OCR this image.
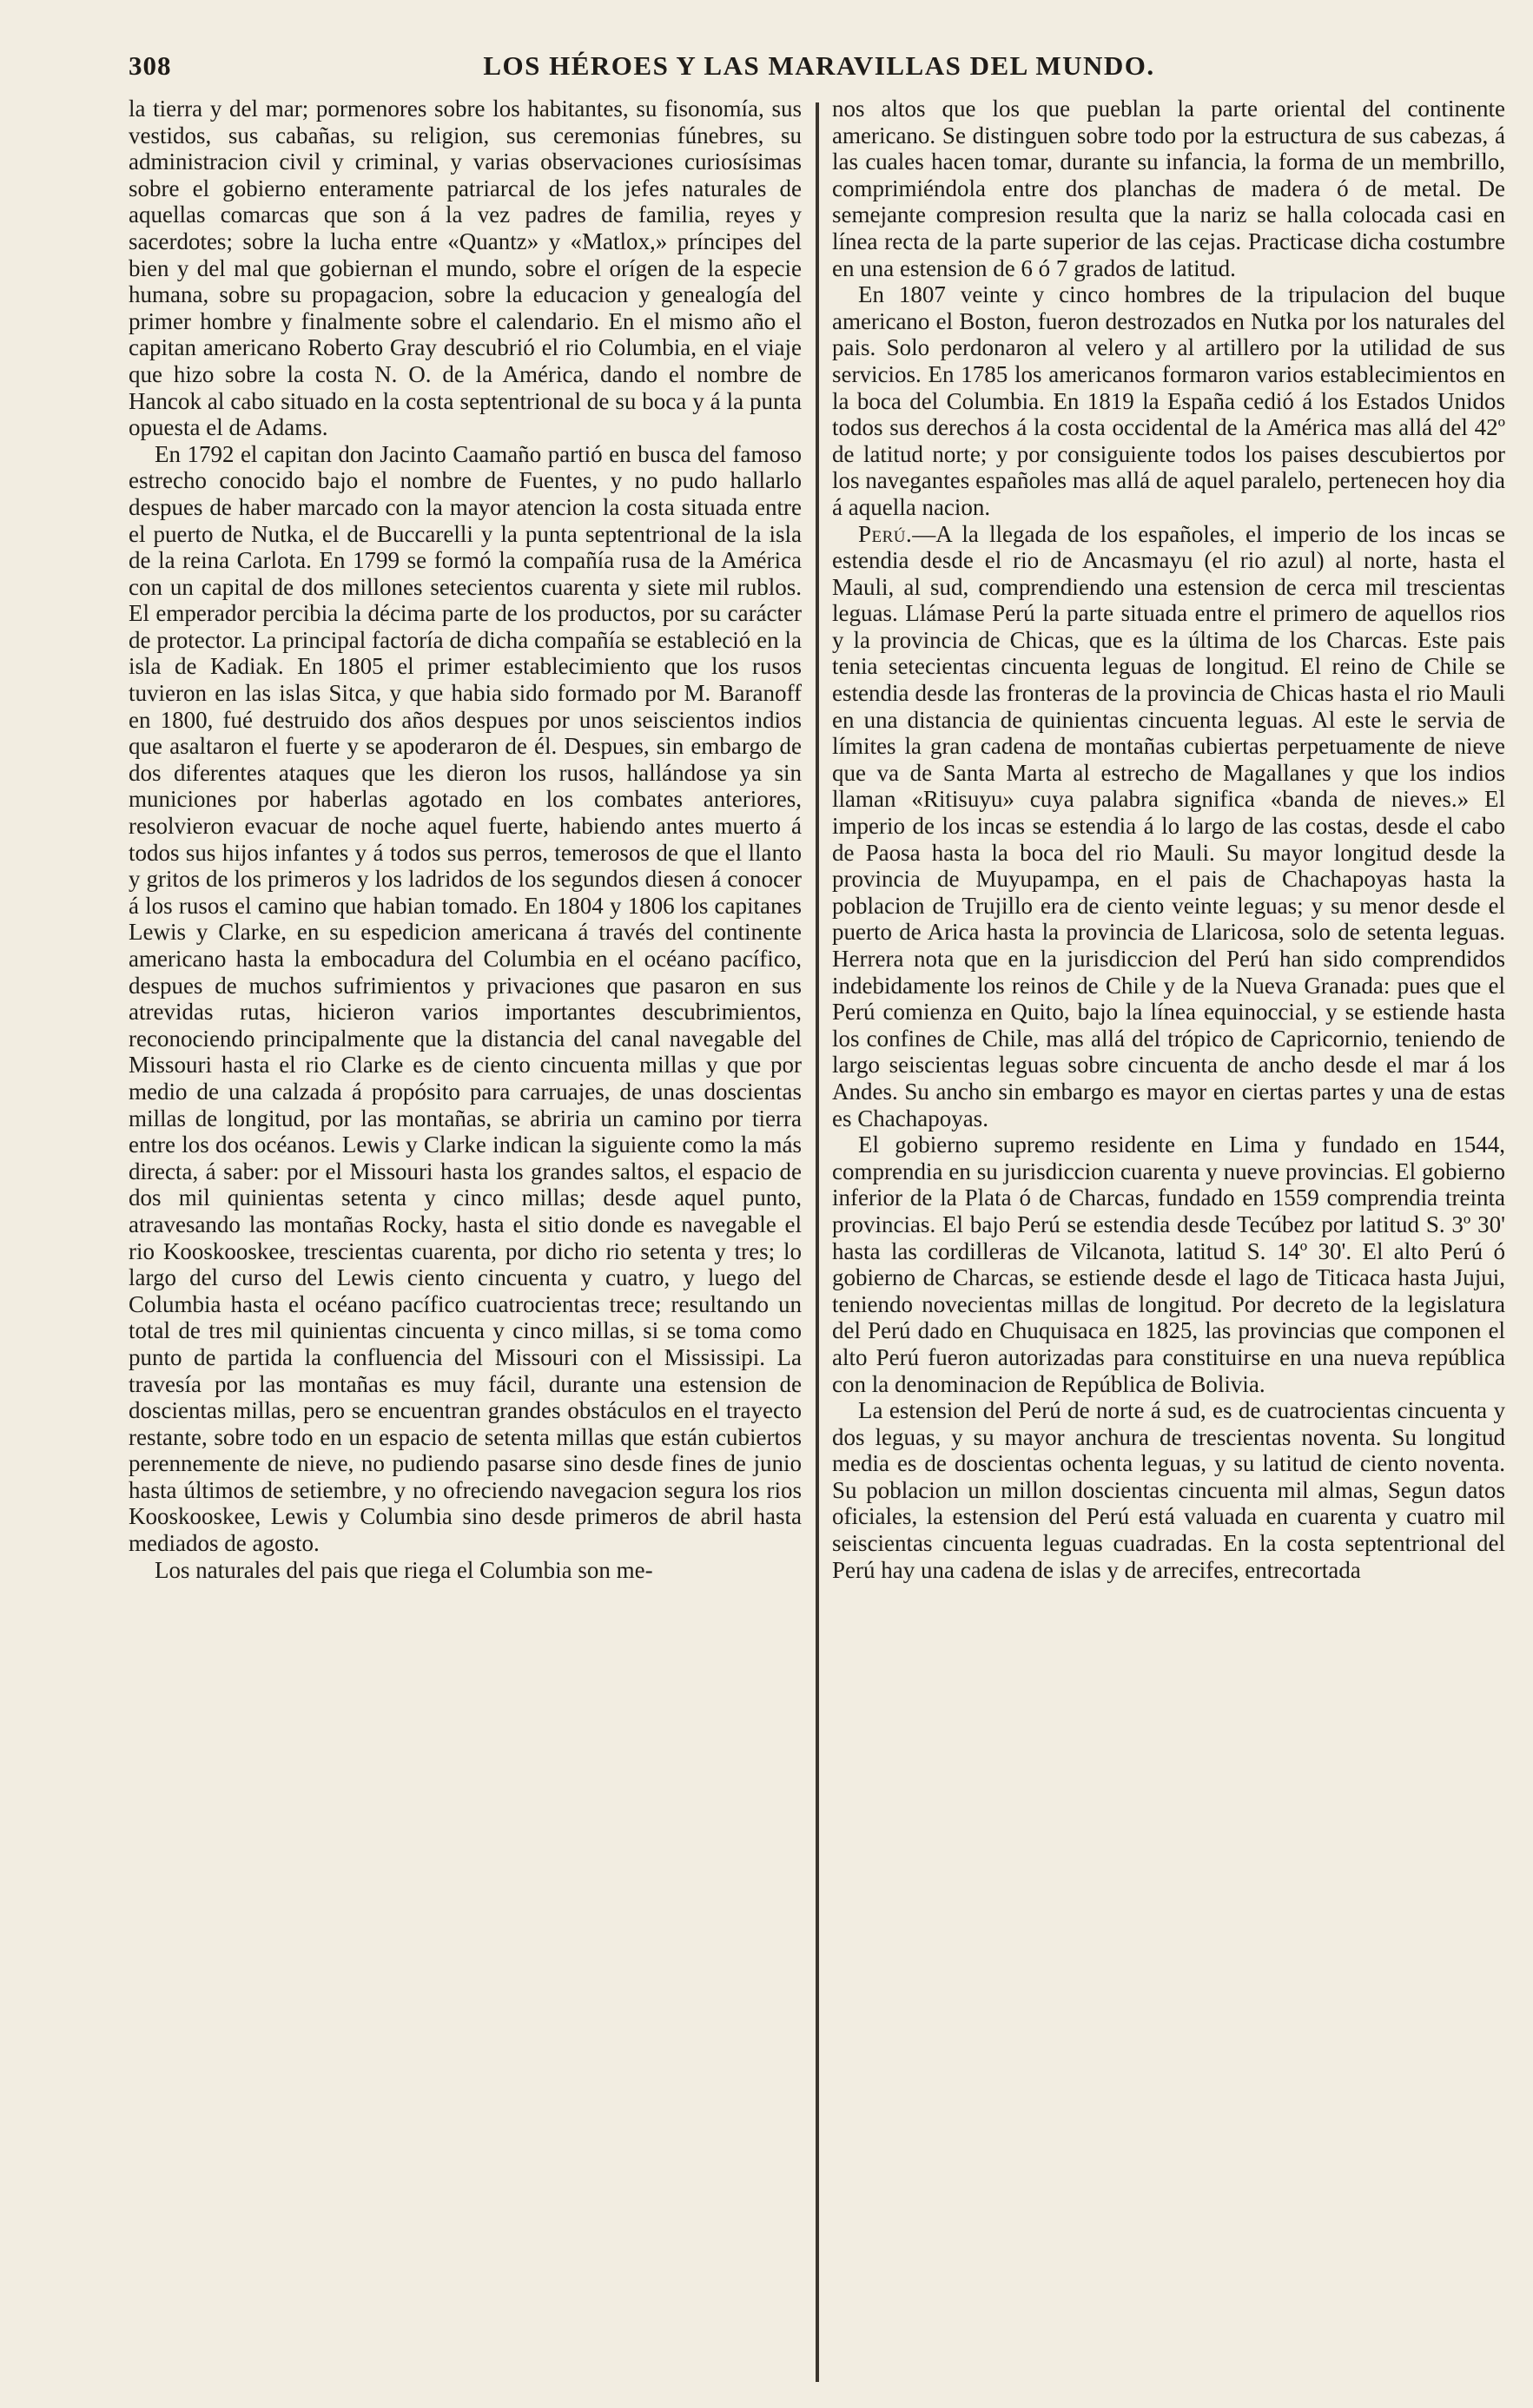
308	LOS HÉROES Y LAS MARAVILLAS DEL MUNDO.

la tierra y del mar; pormenores sobre los habitantes, su fisonomía, sus vestidos, sus cabañas, su religion, sus ceremonias fúnebres, su administracion civil y criminal, y varias observaciones curiosísimas sobre el gobierno enteramente patriarcal de los jefes naturales de aquellas comarcas que son á la vez padres de familia, reyes y sacerdotes; sobre la lucha entre «Quantz» y «Matlox,» príncipes del bien y del mal que gobiernan el mundo, sobre el orígen de la especie humana, sobre su propagacion, sobre la educacion y genealogía del primer hombre y finalmente sobre el calendario. En el mismo año el capitan americano Roberto Gray descubrió el rio Columbia, en el viaje que hizo sobre la costa N. O. de la América, dando el nombre de Hancok al cabo situado en la costa septentrional de su boca y á la punta opuesta el de Adams.

En 1792 el capitan don Jacinto Caamaño partió en busca del famoso estrecho conocido bajo el nombre de Fuentes, y no pudo hallarlo despues de haber marcado con la mayor atencion la costa situada entre el puerto de Nutka, el de Buccarelli y la punta septentrional de la isla de la reina Carlota. En 1799 se formó la compañía rusa de la América con un capital de dos millones setecientos cuarenta y siete mil rublos. El emperador percibia la décima parte de los productos, por su carácter de protector. La principal factoría de dicha compañía se estableció en la isla de Kadiak. En 1805 el primer establecimiento que los rusos tuvieron en las islas Sitca, y que habia sido formado por M. Baranoff en 1800, fué destruido dos años despues por unos seiscientos indios que asaltaron el fuerte y se apoderaron de él. Despues, sin embargo de dos diferentes ataques que les dieron los rusos, hallándose ya sin municiones por haberlas agotado en los combates anteriores, resolvieron evacuar de noche aquel fuerte, habiendo antes muerto á todos sus hijos infantes y á todos sus perros, temerosos de que el llanto y gritos de los primeros y los ladridos de los segundos diesen á conocer á los rusos el camino que habian tomado. En 1804 y 1806 los capitanes Lewis y Clarke, en su espedicion americana á través del continente americano hasta la embocadura del Columbia en el océano pacífico, despues de muchos sufrimientos y privaciones que pasaron en sus atrevidas rutas, hicieron varios importantes descubrimientos, reconociendo principalmente que la distancia del canal navegable del Missouri hasta el rio Clarke es de ciento cincuenta millas y que por medio de una calzada á propósito para carruajes, de unas doscientas millas de longitud, por las montañas, se abriria un camino por tierra entre los dos océanos. Lewis y Clarke indican la siguiente como la más directa, á saber: por el Missouri hasta los grandes saltos, el espacio de dos mil quinientas setenta y cinco millas; desde aquel punto, atravesando las montañas Rocky, hasta el sitio donde es navegable el rio Kooskooskee, trescientas cuarenta, por dicho rio setenta y tres; lo largo del curso del Lewis ciento cincuenta y cuatro, y luego del Columbia hasta el océano pacífico cuatrocientas trece; resultando un total de tres mil quinientas cincuenta y cinco millas, si se toma como punto de partida la confluencia del Missouri con el Mississipi. La travesía por las montañas es muy fácil, durante una estension de doscientas millas, pero se encuentran grandes obstáculos en el trayecto restante, sobre todo en un espacio de setenta millas que están cubiertos perennemente de nieve, no pudiendo pasarse sino desde fines de junio hasta últimos de setiembre, y no ofreciendo navegacion segura los rios Kooskooskee, Lewis y Columbia sino desde primeros de abril hasta mediados de agosto.

Los naturales del pais que riega el Columbia son me-

nos altos que los que pueblan la parte oriental del continente americano. Se distinguen sobre todo por la estructura de sus cabezas, á las cuales hacen tomar, durante su infancia, la forma de un membrillo, comprimiéndola entre dos planchas de madera ó de metal. De semejante compresion resulta que la nariz se halla colocada casi en línea recta de la parte superior de las cejas. Practicase dicha costumbre en una estension de 6 ó 7 grados de latitud.

En 1807 veinte y cinco hombres de la tripulacion del buque americano el Boston, fueron destrozados en Nutka por los naturales del pais. Solo perdonaron al velero y al artillero por la utilidad de sus servicios. En 1785 los americanos formaron varios establecimientos en la boca del Columbia. En 1819 la España cedió á los Estados Unidos todos sus derechos á la costa occidental de la América mas allá del 42º de latitud norte; y por consiguiente todos los paises descubiertos por los navegantes españoles mas allá de aquel paralelo, pertenecen hoy dia á aquella nacion.

Perú.—A la llegada de los españoles, el imperio de los incas se estendia desde el rio de Ancasmayu (el rio azul) al norte, hasta el Mauli, al sud, comprendiendo una estension de cerca mil trescientas leguas. Llámase Perú la parte situada entre el primero de aquellos rios y la provincia de Chicas, que es la última de los Charcas. Este pais tenia setecientas cincuenta leguas de longitud. El reino de Chile se estendia desde las fronteras de la provincia de Chicas hasta el rio Mauli en una distancia de quinientas cincuenta leguas. Al este le servia de límites la gran cadena de montañas cubiertas perpetuamente de nieve que va de Santa Marta al estrecho de Magallanes y que los indios llaman «Ritisuyu» cuya palabra significa «banda de nieves.» El imperio de los incas se estendia á lo largo de las costas, desde el cabo de Paosa hasta la boca del rio Mauli. Su mayor longitud desde la provincia de Muyupampa, en el pais de Chachapoyas hasta la poblacion de Trujillo era de ciento veinte leguas; y su menor desde el puerto de Arica hasta la provincia de Llaricosa, solo de setenta leguas. Herrera nota que en la jurisdiccion del Perú han sido comprendidos indebidamente los reinos de Chile y de la Nueva Granada: pues que el Perú comienza en Quito, bajo la línea equinoccial, y se estiende hasta los confines de Chile, mas allá del trópico de Capricornio, teniendo de largo seiscientas leguas sobre cincuenta de ancho desde el mar á los Andes. Su ancho sin embargo es mayor en ciertas partes y una de estas es Chachapoyas.

El gobierno supremo residente en Lima y fundado en 1544, comprendia en su jurisdiccion cuarenta y nueve provincias. El gobierno inferior de la Plata ó de Charcas, fundado en 1559 comprendia treinta provincias. El bajo Perú se estendia desde Tecúbez por latitud S. 3º 30' hasta las cordilleras de Vilcanota, latitud S. 14º 30'. El alto Perú ó gobierno de Charcas, se estiende desde el lago de Titicaca hasta Jujui, teniendo novecientas millas de longitud. Por decreto de la legislatura del Perú dado en Chuquisaca en 1825, las provincias que componen el alto Perú fueron autorizadas para constituirse en una nueva república con la denominacion de República de Bolivia.

La estension del Perú de norte á sud, es de cuatrocientas cincuenta y dos leguas, y su mayor anchura de trescientas noventa. Su longitud media es de doscientas ochenta leguas, y su latitud de ciento noventa. Su poblacion un millon doscientas cincuenta mil almas, Segun datos oficiales, la estension del Perú está valuada en cuarenta y cuatro mil seiscientas cincuenta leguas cuadradas. En la costa septentrional del Perú hay una cadena de islas y de arrecifes, entrecortada
